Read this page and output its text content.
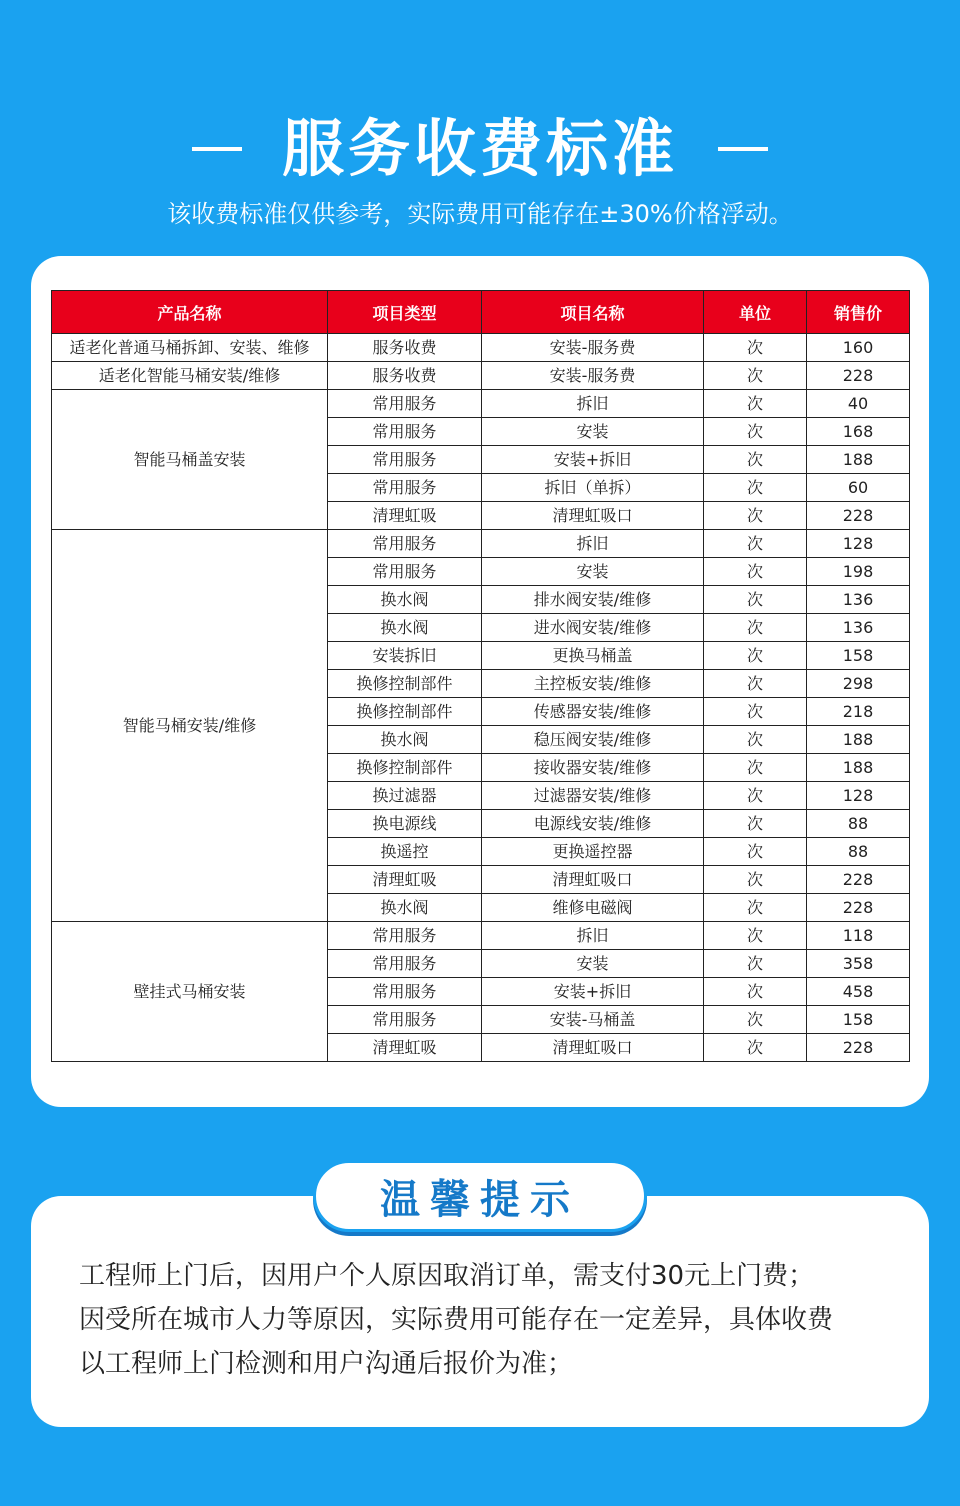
服务收费标准
该收费标准仅供参考，实际费用可能存在±30%价格浮动。
产品名称	项目类型	项目名称	单位	销售价
适老化普通马桶拆卸、安装、维修	服务收费	安装-服务费	次	160
适老化智能马桶安装/维修	服务收费	安装-服务费	次	228
智能马桶盖安装	常用服务	拆旧	次	40
	常用服务	安装	次	168
	常用服务	安装+拆旧	次	188
	常用服务	拆旧（单拆）	次	60
	清理虹吸	清理虹吸口	次	228
智能马桶安装/维修	常用服务	拆旧	次	128
	常用服务	安装	次	198
	换水阀	排水阀安装/维修	次	136
	换水阀	进水阀安装/维修	次	136
	安装拆旧	更换马桶盖	次	158
	换修控制部件	主控板安装/维修	次	298
	换修控制部件	传感器安装/维修	次	218
	换水阀	稳压阀安装/维修	次	188
	换修控制部件	接收器安装/维修	次	188
	换过滤器	过滤器安装/维修	次	128
	换电源线	电源线安装/维修	次	88
	换遥控	更换遥控器	次	88
	清理虹吸	清理虹吸口	次	228
	换水阀	维修电磁阀	次	228
壁挂式马桶安装	常用服务	拆旧	次	118
	常用服务	安装	次	358
	常用服务	安装+拆旧	次	458
	常用服务	安装-马桶盖	次	158
	清理虹吸	清理虹吸口	次	228

工程师上门后，因用户个人原因取消订单，需支付30元上门费；

因受所在城市人力等原因，实际费用可能存在一定差异，具体收费

以工程师上门检测和用户沟通后报价为准；

温馨提示
